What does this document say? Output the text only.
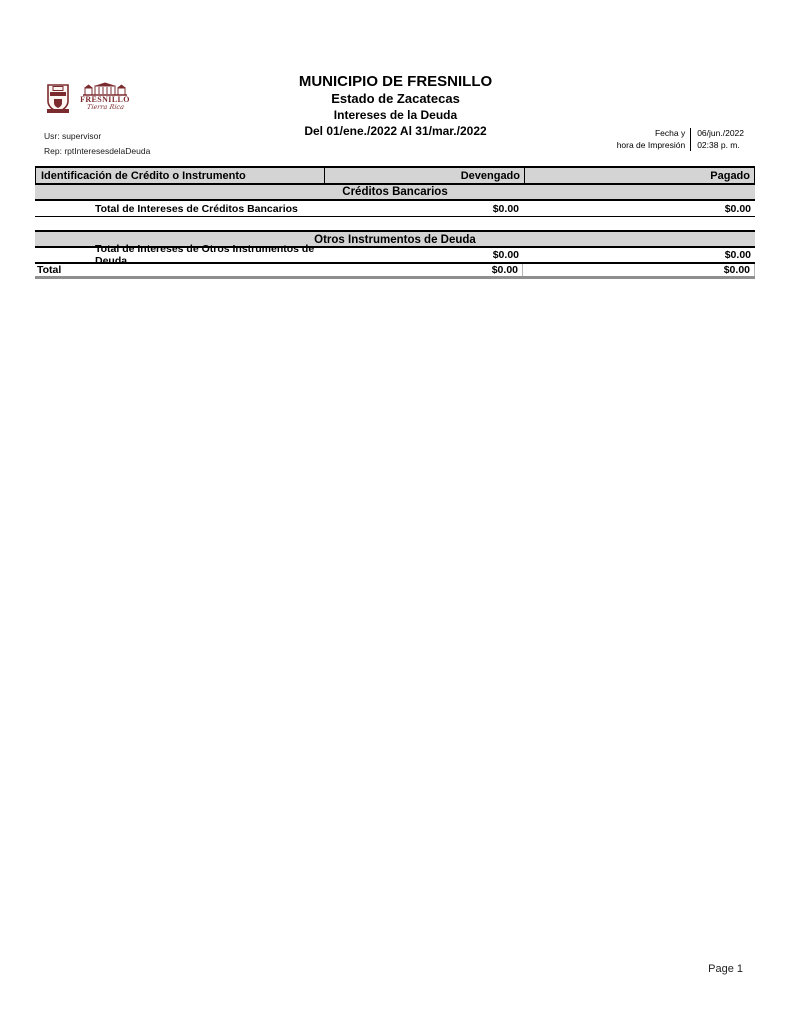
FRESNILLO
Tierra Rica
MUNICIPIO DE FRESNILLO
Estado de Zacatecas
Intereses de la Deuda
Del 01/ene./2022 Al 31/mar./2022
Usr: supervisor
Rep: rptInteresesdelaDeuda
Fecha y
hora de Impresión
06/jun./2022
02:38 p. m.
Identificación de Crédito o Instrumento	Devengado	Pagado
Créditos Bancarios
Total de Intereses de Créditos Bancarios	$0.00	$0.00
Otros Instrumentos de Deuda
Total de Intereses de Otros Instrumentos de Deuda	$0.00	$0.00
Total	$0.00	$0.00
Page 1
